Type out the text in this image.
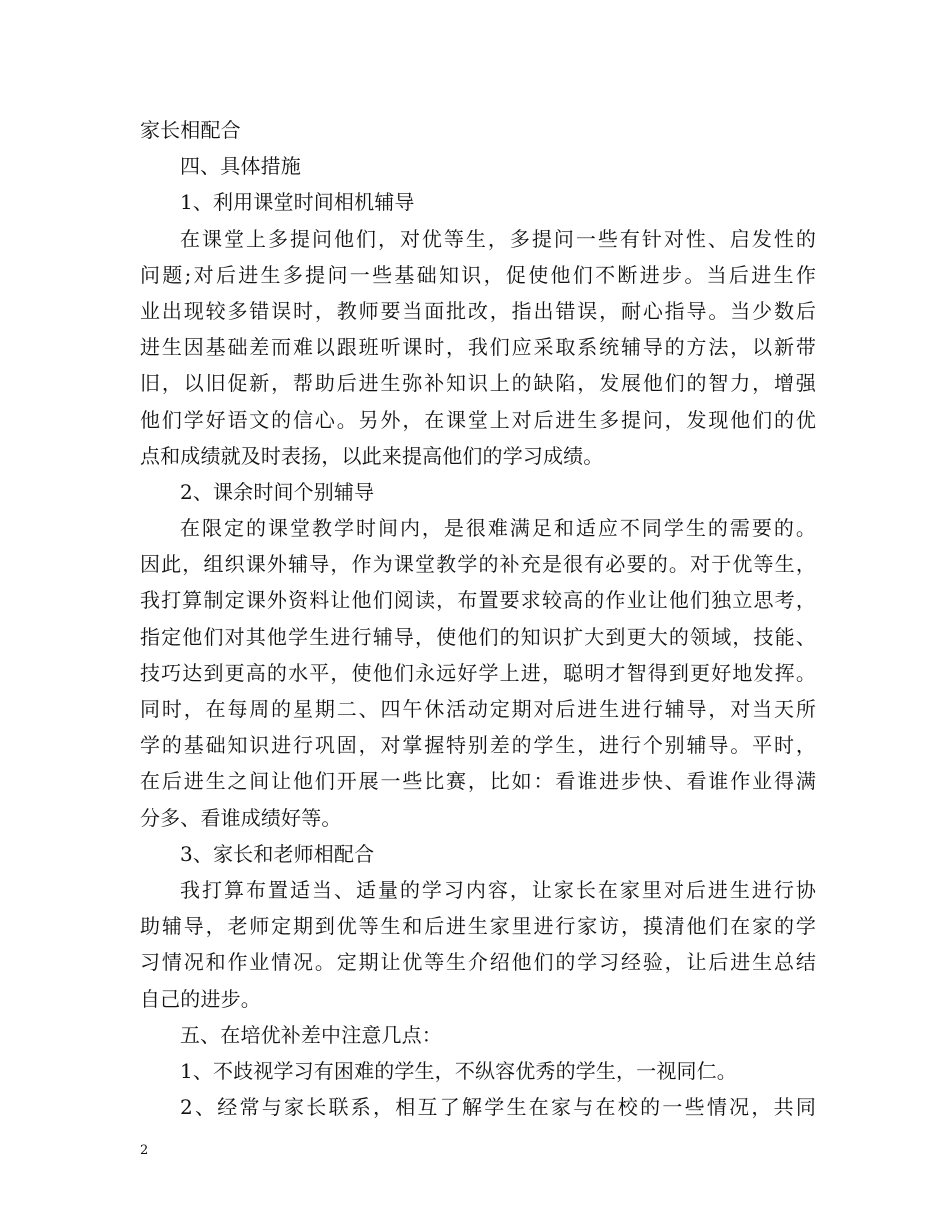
家长相配合
四、具体措施
1、利用课堂时间相机辅导
在课堂上多提问他们，对优等生，多提问一些有针对性、启发性的
问题;对后进生多提问一些基础知识，促使他们不断进步。当后进生作
业出现较多错误时，教师要当面批改，指出错误，耐心指导。当少数后
进生因基础差而难以跟班听课时，我们应采取系统辅导的方法，以新带
旧，以旧促新，帮助后进生弥补知识上的缺陷，发展他们的智力，增强
他们学好语文的信心。另外，在课堂上对后进生多提问，发现他们的优
点和成绩就及时表扬，以此来提高他们的学习成绩。
2、课余时间个别辅导
在限定的课堂教学时间内，是很难满足和适应不同学生的需要的。
因此，组织课外辅导，作为课堂教学的补充是很有必要的。对于优等生，
我打算制定课外资料让他们阅读，布置要求较高的作业让他们独立思考，
指定他们对其他学生进行辅导，使他们的知识扩大到更大的领域，技能、
技巧达到更高的水平，使他们永远好学上进，聪明才智得到更好地发挥。
同时，在每周的星期二、四午休活动定期对后进生进行辅导，对当天所
学的基础知识进行巩固，对掌握特别差的学生，进行个别辅导。平时，
在后进生之间让他们开展一些比赛，比如：看谁进步快、看谁作业得满
分多、看谁成绩好等。
3、家长和老师相配合
我打算布置适当、适量的学习内容，让家长在家里对后进生进行协
助辅导，老师定期到优等生和后进生家里进行家访，摸清他们在家的学
习情况和作业情况。定期让优等生介绍他们的学习经验，让后进生总结
自己的进步。
五、在培优补差中注意几点：
1、不歧视学习有困难的学生，不纵容优秀的学生，一视同仁。
2、经常与家长联系，相互了解学生在家与在校的一些情况，共同
2
